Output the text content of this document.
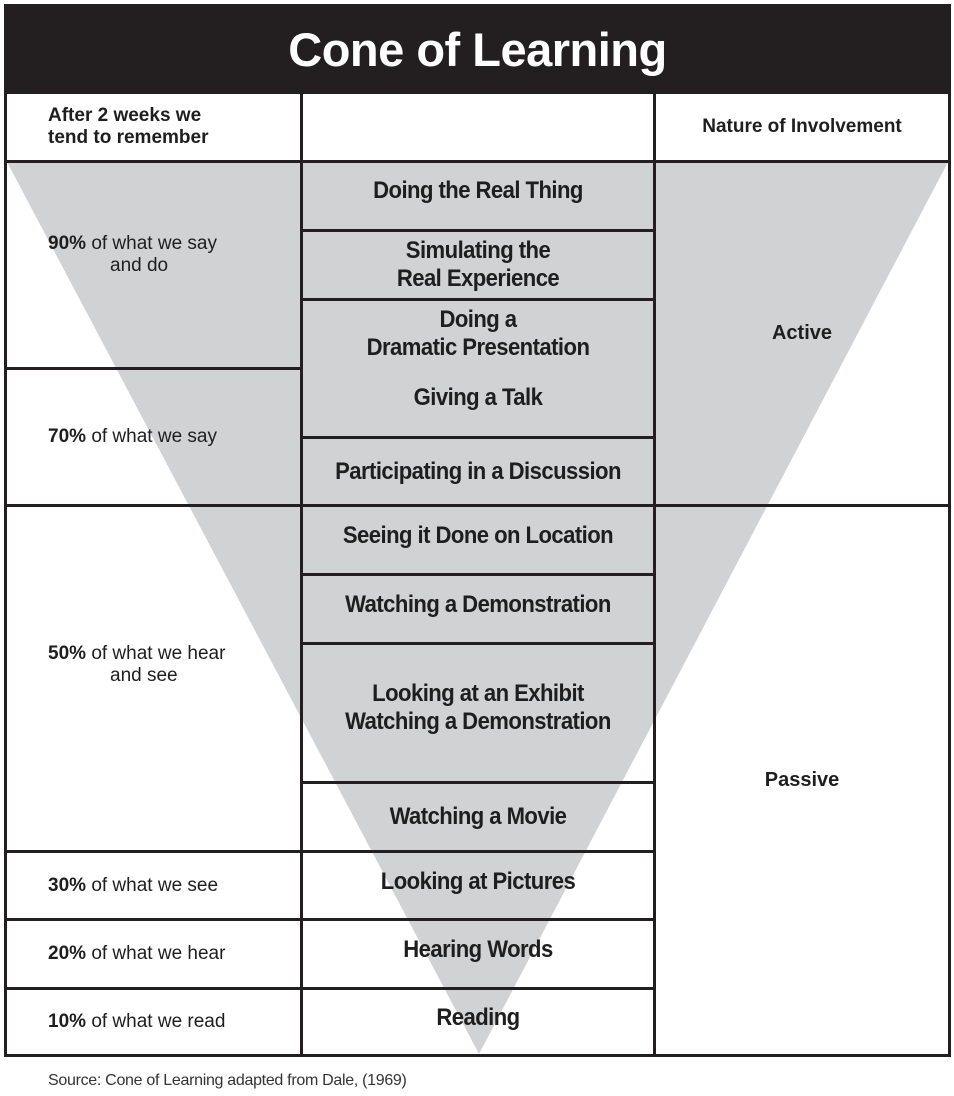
Cone of Learning
After 2 weeks we
tend to remember
Nature of Involvement
90% of what we say
and do
70% of what we say
50% of what we hear
and see
30% of what we see
20% of what we hear
10% of what we read
Doing the Real Thing
Simulating the
Real Experience
Doing a
Dramatic Presentation
Giving a Talk
Participating in a Discussion
Seeing it Done on Location
Watching a Demonstration
Looking at an Exhibit
Watching a Demonstration
Watching a Movie
Looking at Pictures
Hearing Words
Reading
Active
Passive
Source: Cone of Learning adapted from Dale, (1969)
